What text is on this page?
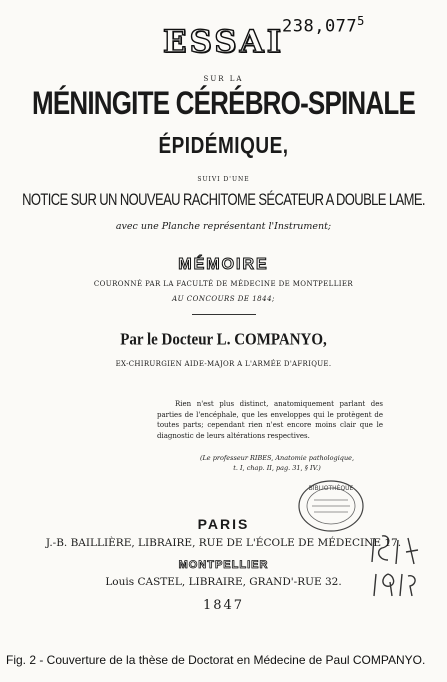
238,077$^5$
ESSAI
SUR LA
MÉNINGITE CÉRÉBRO-SPINALE
ÉPIDÉMIQUE,
SUIVI D'UNE
NOTICE SUR UN NOUVEAU RACHITOME SÉCATEUR A DOUBLE LAME.
avec une Planche représentant l'Instrument;
MÉMOIRE
COURONNÉ PAR LA FACULTÉ DE MÉDECINE DE MONTPELLIER
AU CONCOURS DE 1844;
Par le Docteur L. COMPANYO,
EX-CHIRURGIEN AIDE-MAJOR A L'ARMÉE D'AFRIQUE.
Rien n'est plus distinct, anatomiquement parlant des parties de l'encéphale, que les enveloppes qui le protègent de toutes parts; cependant rien n'est encore moins clair que le diagnostic de leurs altérations respectives.
(Le professeur RIBES, Anatomie pathologique,
t. I, chap. II, pag. 31, § IV.)
BIBLIOTHÈQUE
PARIS
J.-B. BAILLIÈRE, LIBRAIRE, RUE DE L'ÉCOLE DE MÉDECINE 17.
MONTPELLIER
Louis CASTEL, LIBRAIRE, GRAND'-RUE 32.
1847
Fig. 2 - Couverture de la thèse de Doctorat en Médecine de Paul COMPANYO.
